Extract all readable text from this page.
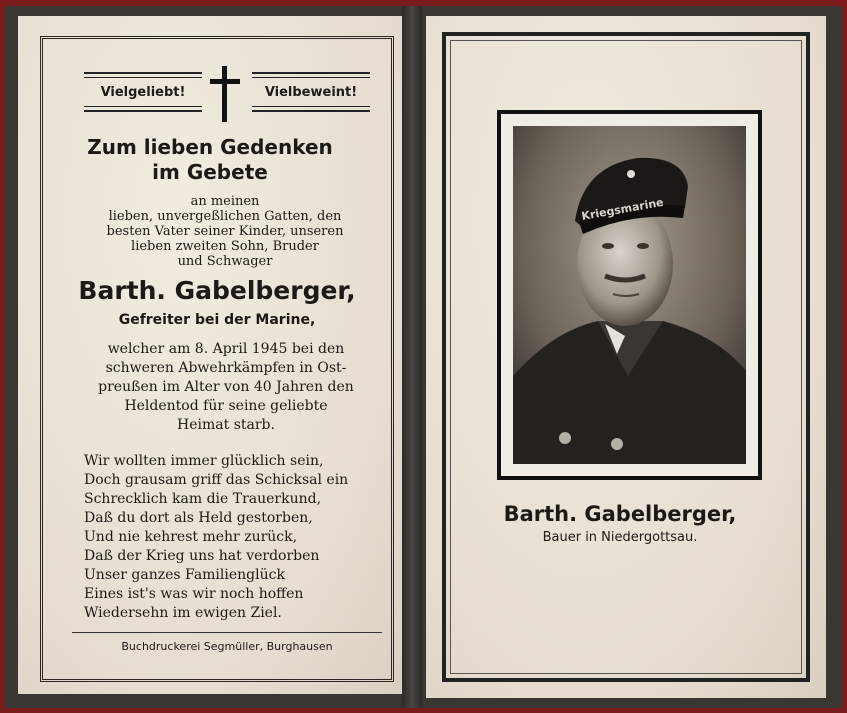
Vielgeliebt!	Vielbeweint!
Zum lieben Gedenken
im Gebete
an meinen
lieben, unvergeßlichen Gatten, den
besten Vater seiner Kinder, unseren
lieben zweiten Sohn, Bruder
und Schwager
Barth. Gabelberger,
Gefreiter bei der Marine,
welcher am 8. April 1945 bei den
schweren Abwehrkämpfen in Ost-
preußen im Alter von 40 Jahren den
Heldentod für seine geliebte
Heimat starb.
Wir wollten immer glücklich sein,
Doch grausam griff das Schicksal ein
Schrecklich kam die Trauerkund,
Daß du dort als Held gestorben,
Und nie kehrest mehr zurück,
Daß der Krieg uns hat verdorben
Unser ganzes Familienglück
Eines ist's was wir noch hoffen
Wiedersehn im ewigen Ziel.
Buchdruckerei Segmüller, Burghausen
Kriegsmarine
Barth. Gabelberger,
Bauer in Niedergottsau.
